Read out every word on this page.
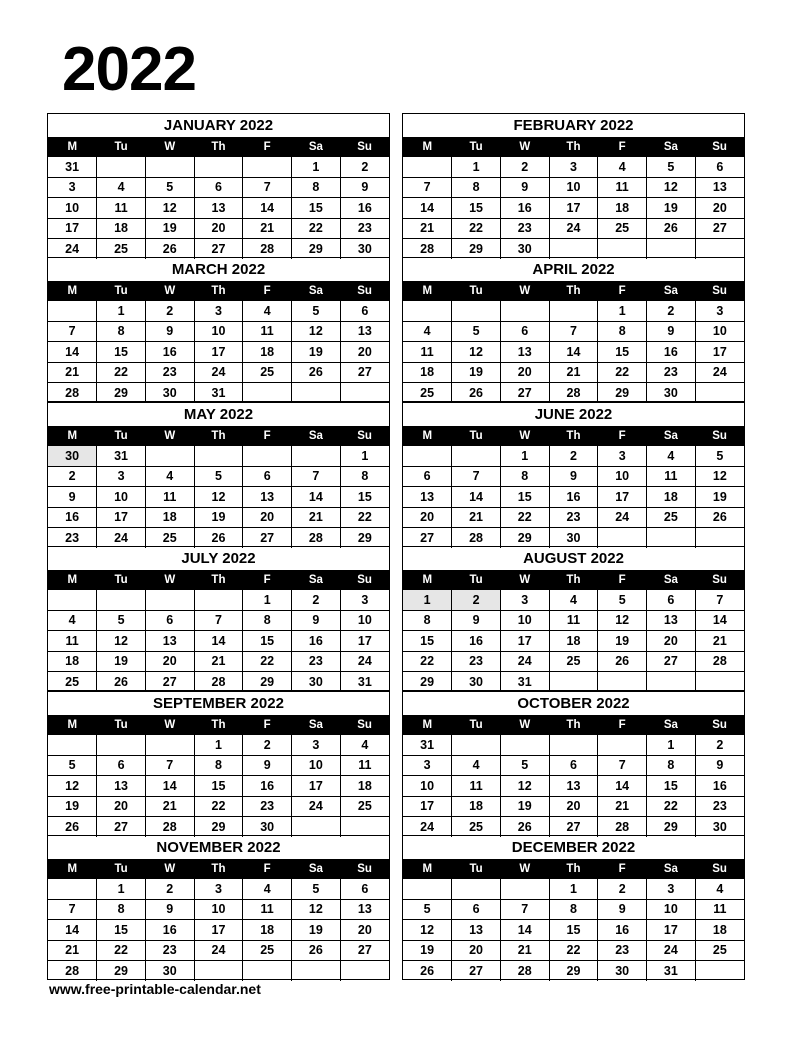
2022
JANUARY 2022
M	Tu	W	Th	F	Sa	Su
31					1	2
3	4	5	6	7	8	9
10	11	12	13	14	15	16
17	18	19	20	21	22	23
24	25	26	27	28	29	30
FEBRUARY 2022
M	Tu	W	Th	F	Sa	Su
	1	2	3	4	5	6
7	8	9	10	11	12	13
14	15	16	17	18	19	20
21	22	23	24	25	26	27
28	29	30				
MARCH 2022
M	Tu	W	Th	F	Sa	Su
	1	2	3	4	5	6
7	8	9	10	11	12	13
14	15	16	17	18	19	20
21	22	23	24	25	26	27
28	29	30	31			
APRIL 2022
M	Tu	W	Th	F	Sa	Su
				1	2	3
4	5	6	7	8	9	10
11	12	13	14	15	16	17
18	19	20	21	22	23	24
25	26	27	28	29	30	
MAY 2022
M	Tu	W	Th	F	Sa	Su
30	31					1
2	3	4	5	6	7	8
9	10	11	12	13	14	15
16	17	18	19	20	21	22
23	24	25	26	27	28	29
JUNE 2022
M	Tu	W	Th	F	Sa	Su
		1	2	3	4	5
6	7	8	9	10	11	12
13	14	15	16	17	18	19
20	21	22	23	24	25	26
27	28	29	30			
JULY 2022
M	Tu	W	Th	F	Sa	Su
				1	2	3
4	5	6	7	8	9	10
11	12	13	14	15	16	17
18	19	20	21	22	23	24
25	26	27	28	29	30	31
AUGUST 2022
M	Tu	W	Th	F	Sa	Su
1	2	3	4	5	6	7
8	9	10	11	12	13	14
15	16	17	18	19	20	21
22	23	24	25	26	27	28
29	30	31				
SEPTEMBER 2022
M	Tu	W	Th	F	Sa	Su
			1	2	3	4
5	6	7	8	9	10	11
12	13	14	15	16	17	18
19	20	21	22	23	24	25
26	27	28	29	30		
OCTOBER 2022
M	Tu	W	Th	F	Sa	Su
31					1	2
3	4	5	6	7	8	9
10	11	12	13	14	15	16
17	18	19	20	21	22	23
24	25	26	27	28	29	30
NOVEMBER 2022
M	Tu	W	Th	F	Sa	Su
	1	2	3	4	5	6
7	8	9	10	11	12	13
14	15	16	17	18	19	20
21	22	23	24	25	26	27
28	29	30				
DECEMBER 2022
M	Tu	W	Th	F	Sa	Su
			1	2	3	4
5	6	7	8	9	10	11
12	13	14	15	16	17	18
19	20	21	22	23	24	25
26	27	28	29	30	31	
www.free-printable-calendar.net
